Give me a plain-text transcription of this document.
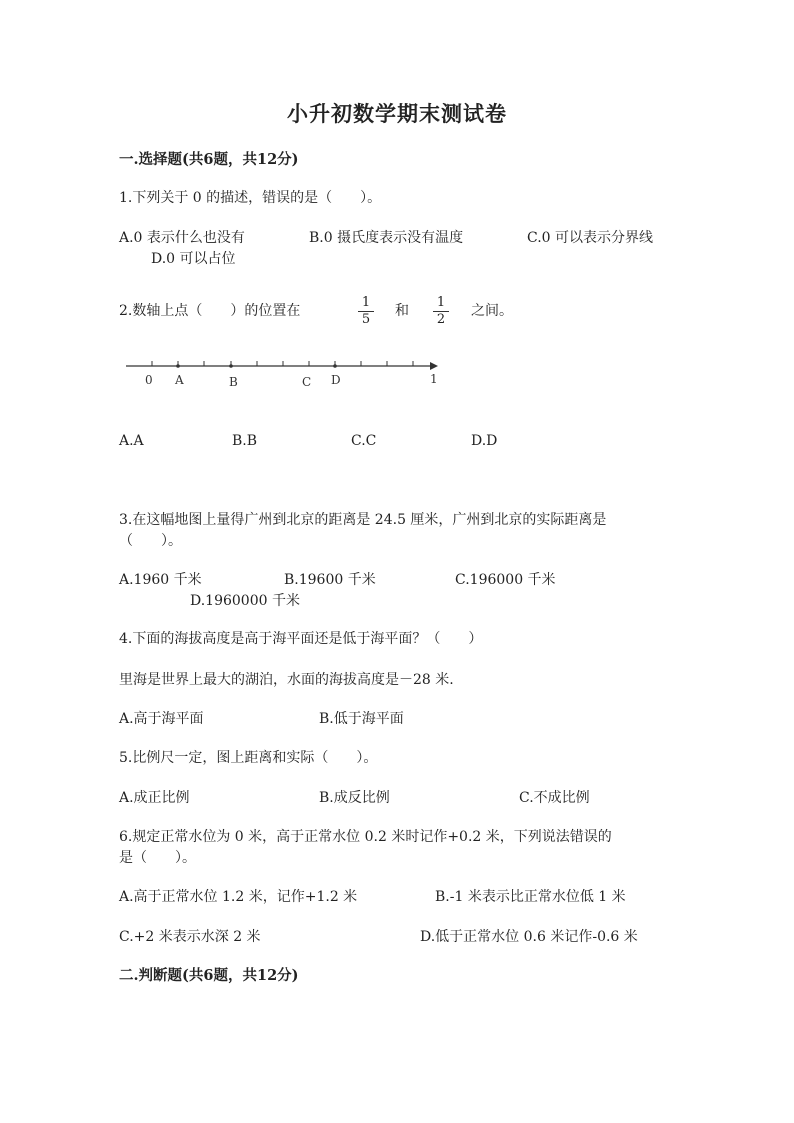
小升初数学期末测试卷
一.选择题(共6题，共12分)
1.下列关于 0 的描述，错误的是（　　）。
A.0 表示什么也没有	B.0 摄氏度表示没有温度	C.0 可以表示分界线
D.0 可以占位
2.数轴上点（　　）的位置在
1
5
和
1
2
之间。
0 A	B	C D	1
A.A	B.B	C.C	D.D
3.在这幅地图上量得广州到北京的距离是 24.5 厘米，广州到北京的实际距离是
（　　）。
A.1960 千米	B.19600 千米	C.196000 千米
D.1960000 千米
4.下面的海拔高度是高于海平面还是低于海平面？（　　）
里海是世界上最大的湖泊，水面的海拔高度是－28 米.
A.高于海平面	B.低于海平面
5.比例尺一定，图上距离和实际（　　）。
A.成正比例	B.成反比例	C.不成比例
6.规定正常水位为 0 米，高于正常水位 0.2 米时记作+0.2 米，下列说法错误的
是（　　）。
A.高于正常水位 1.2 米，记作+1.2 米	B.-1 米表示比正常水位低 1 米
C.+2 米表示水深 2 米	D.低于正常水位 0.6 米记作-0.6 米
二.判断题(共6题，共12分)
